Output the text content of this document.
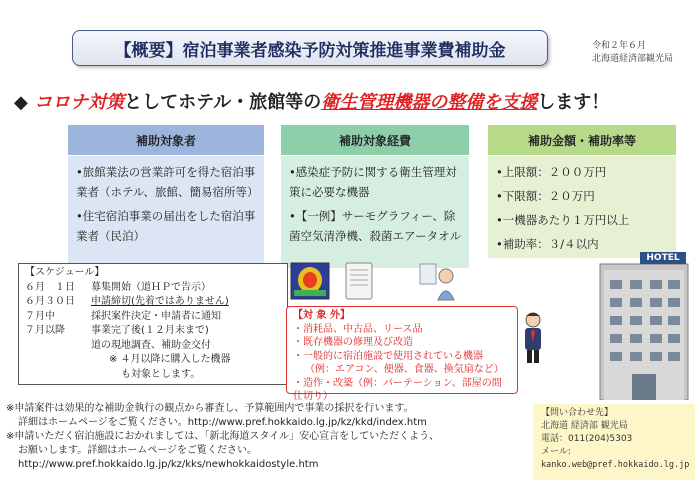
【概要】宿泊事業者感染予防対策推進事業費補助金	令和２年６月
北海道経済部観光局
◆ コロナ対策としてホテル・旅館等の衛生管理機器の整備を支援します！
補助対象者

•旅館業法の営業許可を得た宿泊事業者（ホテル、旅館、簡易宿所等）

•住宅宿泊事業の届出をした宿泊事業者（民泊）

補助対象経費

•感染症予防に関する衛生管理対策に必要な機器

•【一例】サーモグラフィー、除菌空気清浄機、殺菌エアータオル

補助金額・補助率等

•上限額：２００万円

•下限額：２０万円

•一機器あたり１万円以上

•補助率：３/４以内

HOTEL
【スケジュール】
６月　１日	募集開始（道ＨＰで告示）
６月３０日	申請締切(先着ではありません)
７月中	採択案件決定・申請者に通知
７月以降	事業完了後(１２月末まで)
道の現地調査、補助金交付
※ ４月以降に購入した機器
も対象とします。
【対 象 外】
・消耗品、中古品、リース品
・既存機器の修理及び改造
・一般的に宿泊施設で使用されている機器
（例：エアコン、便器、食器、換気扇など）
・造作・改築（例：パーテーション、部屋の間仕切り）
※申請案件は効果的な補助金執行の観点から審査し、予算範囲内で事業の採択を行います。
詳細はホームページをご覧ください。http://www.pref.hokkaido.lg.jp/kz/kkd/index.htm
※申請いただく宿泊施設におかれましては、「新北海道スタイル」安心宣言をしていただくよう、
お願いします。詳細はホームページをご覧ください。
http://www.pref.hokkaido.lg.jp/kz/kks/newhokkaidostyle.htm
【問い合わせ先】
北海道 経済部 観光局
電話：011(204)5303
メール:
kanko.web@pref.hokkaido.lg.jp
